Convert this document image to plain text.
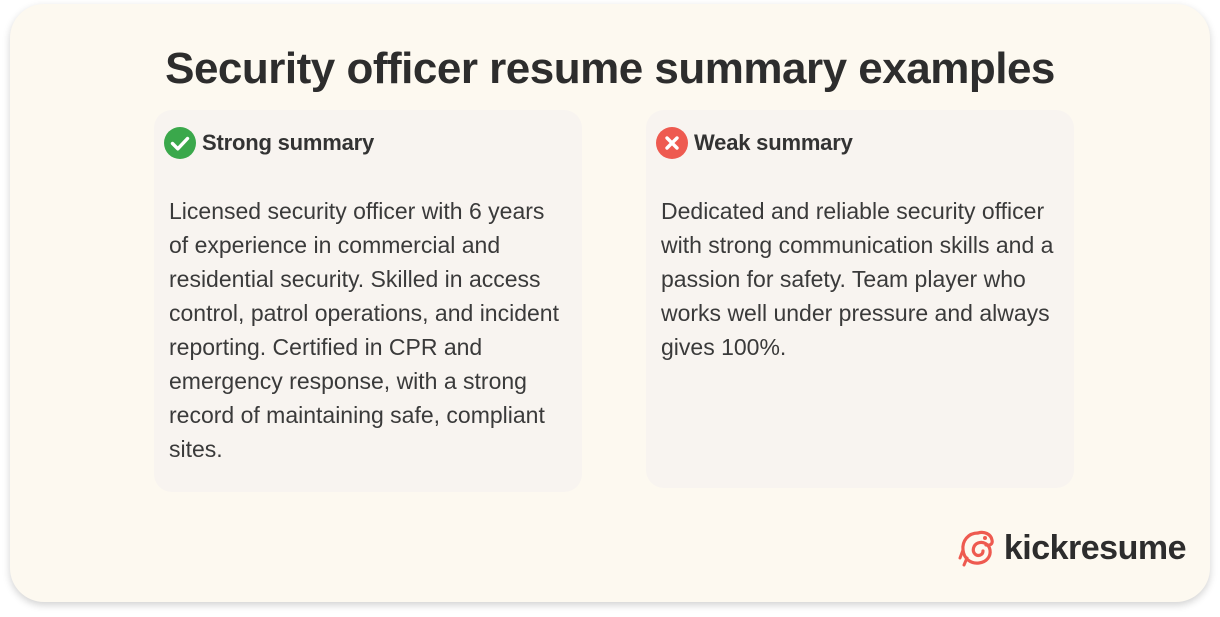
Security officer resume summary examples
Strong summary

Licensed security officer with 6 years of experience in commercial and residential security. Skilled in access control, patrol operations, and incident reporting. Certified in CPR and emergency response, with a strong record of maintaining safe, compliant sites.

Weak summary

Dedicated and reliable security officer with strong communication skills and a passion for safety. Team player who works well under pressure and always gives 100%.

kickresume
